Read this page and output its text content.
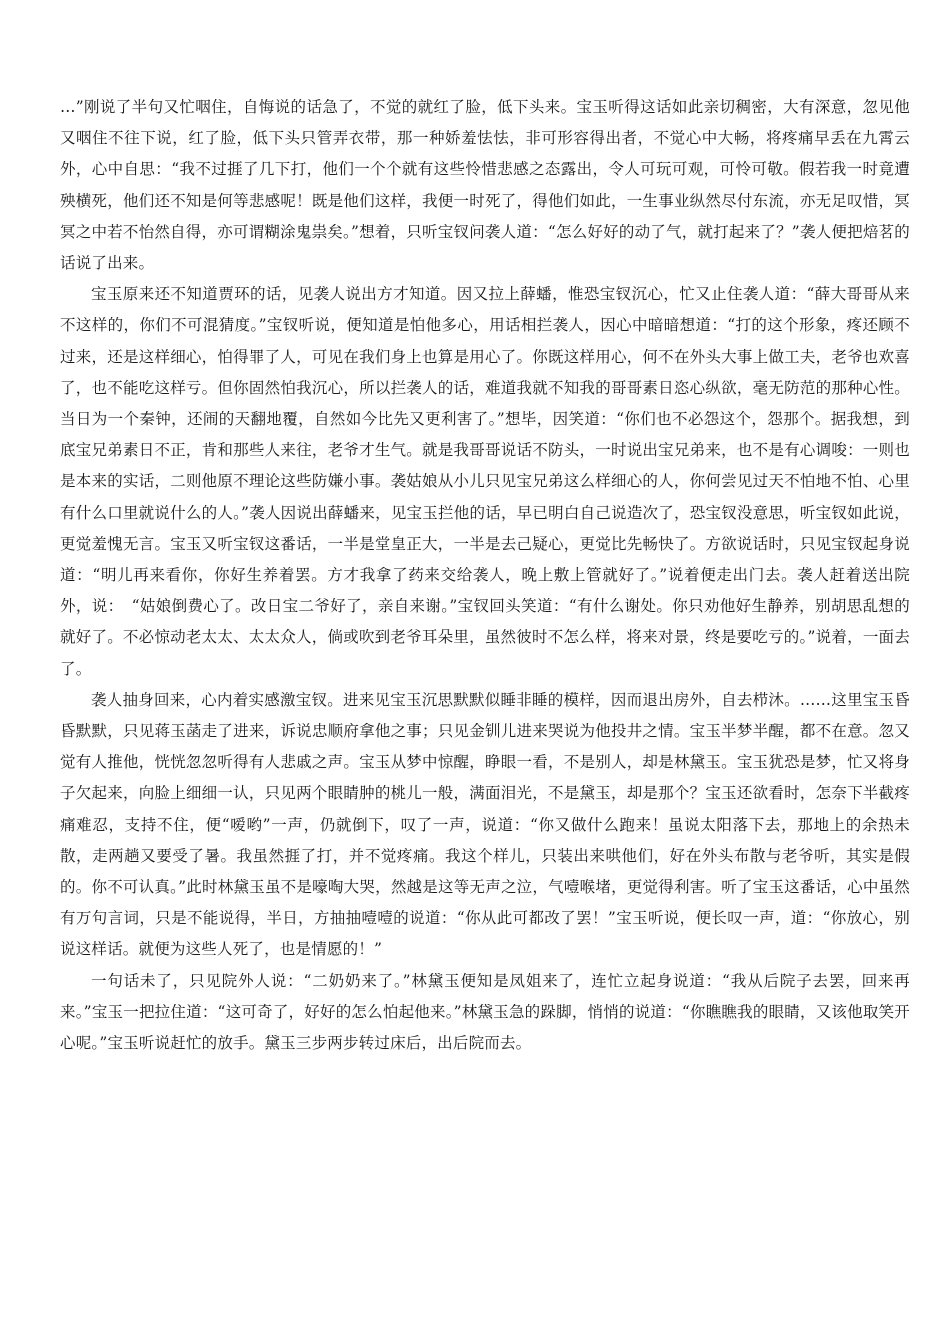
…”刚说了半句又忙咽住，自悔说的话急了，不觉的就红了脸，低下头来。宝玉听得这话如此亲切稠密，大有深意，忽见他又咽住不往下说，红了脸，低下头只管弄衣带，那一种娇羞怯怯，非可形容得出者，不觉心中大畅，将疼痛早丢在九霄云外，心中自思：“我不过捱了几下打，他们一个个就有这些怜惜悲感之态露出，令人可玩可观，可怜可敬。假若我一时竟遭殃横死，他们还不知是何等悲感呢！既是他们这样，我便一时死了，得他们如此，一生事业纵然尽付东流，亦无足叹惜，冥冥之中若不怡然自得，亦可谓糊涂鬼祟矣。”想着，只听宝钗问袭人道：“怎么好好的动了气，就打起来了？”袭人便把焙茗的话说了出来。

宝玉原来还不知道贾环的话，见袭人说出方才知道。因又拉上薛蟠，惟恐宝钗沉心，忙又止住袭人道：“薛大哥哥从来不这样的，你们不可混猜度。”宝钗听说，便知道是怕他多心，用话相拦袭人，因心中暗暗想道：“打的这个形象，疼还顾不过来，还是这样细心，怕得罪了人，可见在我们身上也算是用心了。你既这样用心，何不在外头大事上做工夫，老爷也欢喜了，也不能吃这样亏。但你固然怕我沉心，所以拦袭人的话，难道我就不知我的哥哥素日恣心纵欲，毫无防范的那种心性。当日为一个秦钟，还闹的天翻地覆，自然如今比先又更利害了。”想毕，因笑道：“你们也不必怨这个，怨那个。据我想，到底宝兄弟素日不正，肯和那些人来往，老爷才生气。就是我哥哥说话不防头，一时说出宝兄弟来，也不是有心调唆：一则也是本来的实话，二则他原不理论这些防嫌小事。袭姑娘从小儿只见宝兄弟这么样细心的人，你何尝见过天不怕地不怕、心里有什么口里就说什么的人。”袭人因说出薛蟠来，见宝玉拦他的话，早已明白自己说造次了，恐宝钗没意思，听宝钗如此说，更觉羞愧无言。宝玉又听宝钗这番话，一半是堂皇正大，一半是去己疑心，更觉比先畅快了。方欲说话时，只见宝钗起身说道：“明儿再来看你，你好生养着罢。方才我拿了药来交给袭人，晚上敷上管就好了。”说着便走出门去。袭人赶着送出院外，说：　“姑娘倒费心了。改日宝二爷好了，亲自来谢。”宝钗回头笑道：“有什么谢处。你只劝他好生静养，别胡思乱想的就好了。不必惊动老太太、太太众人，倘或吹到老爷耳朵里，虽然彼时不怎么样，将来对景，终是要吃亏的。”说着，一面去了。

袭人抽身回来，心内着实感激宝钗。进来见宝玉沉思默默似睡非睡的模样，因而退出房外，自去栉沐。……这里宝玉昏昏默默，只见蒋玉菡走了进来，诉说忠顺府拿他之事；只见金钏儿进来哭说为他投井之情。宝玉半梦半醒，都不在意。忽又觉有人推他，恍恍忽忽听得有人悲戚之声。宝玉从梦中惊醒，睁眼一看，不是别人，却是林黛玉。宝玉犹恐是梦，忙又将身子欠起来，向脸上细细一认，只见两个眼睛肿的桃儿一般，满面泪光，不是黛玉，却是那个？宝玉还欲看时，怎奈下半截疼痛难忍，支持不住，便“嗳哟”一声，仍就倒下，叹了一声，说道：“你又做什么跑来！虽说太阳落下去，那地上的余热未散，走两趟又要受了暑。我虽然捱了打，并不觉疼痛。我这个样儿，只装出来哄他们，好在外头布散与老爷听，其实是假的。你不可认真。”此时林黛玉虽不是嚎啕大哭，然越是这等无声之泣，气噎喉堵，更觉得利害。听了宝玉这番话，心中虽然有万句言词，只是不能说得，半日，方抽抽噎噎的说道：“你从此可都改了罢！”宝玉听说，便长叹一声，道：“你放心，别说这样话。就便为这些人死了，也是情愿的！”

一句话未了，只见院外人说：“二奶奶来了。”林黛玉便知是凤姐来了，连忙立起身说道：“我从后院子去罢，回来再来。”宝玉一把拉住道：“这可奇了，好好的怎么怕起他来。”林黛玉急的跺脚，悄悄的说道：“你瞧瞧我的眼睛，又该他取笑开心呢。”宝玉听说赶忙的放手。黛玉三步两步转过床后，出后院而去。
